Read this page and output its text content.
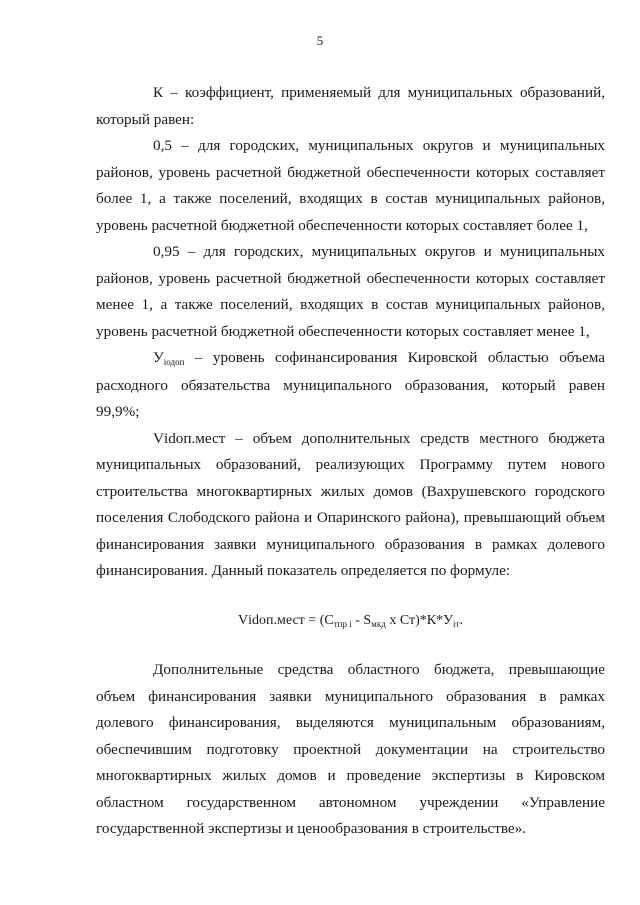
5

К – коэффициент, применяемый для муниципальных образований, который равен:

0,5 – для городских, муниципальных округов и муниципальных районов, уровень расчетной бюджетной обеспеченности которых составляет более 1, а также поселений, входящих в состав муниципальных районов, уровень расчетной бюджетной обеспеченности которых составляет более 1,

0,95 – для городских, муниципальных округов и муниципальных районов, уровень расчетной бюджетной обеспеченности которых составляет менее 1, а также поселений, входящих в состав муниципальных районов, уровень расчетной бюджетной обеспеченности которых составляет менее 1,

Уiодоп – уровень софинансирования Кировской областью объема расходного обязательства муниципального образования, который равен 99,9%;

Vіdоп.мест – объем дополнительных средств местного бюджета муниципальных образований, реализующих Программу путем нового строительства многоквартирных жилых домов (Вахрушевского городского поселения Слободского района и Опаринского района), превышающий объем финансирования заявки муниципального образования в рамках долевого финансирования. Данный показатель определяется по формуле:

Vіdоп.мест = ($С_{тпр і} - S_{мкд}$ x $Ст)*К*У_{іт}$.

Дополнительные средства областного бюджета, превышающие объем финансирования заявки муниципального образования в рамках долевого финансирования, выделяются муниципальным образованиям, обеспечившим подготовку проектной документации на строительство многоквартирных жилых домов и проведение экспертизы в Кировском областном государственном автономном учреждении «Управление государственной экспертизы и ценообразования в строительстве».
